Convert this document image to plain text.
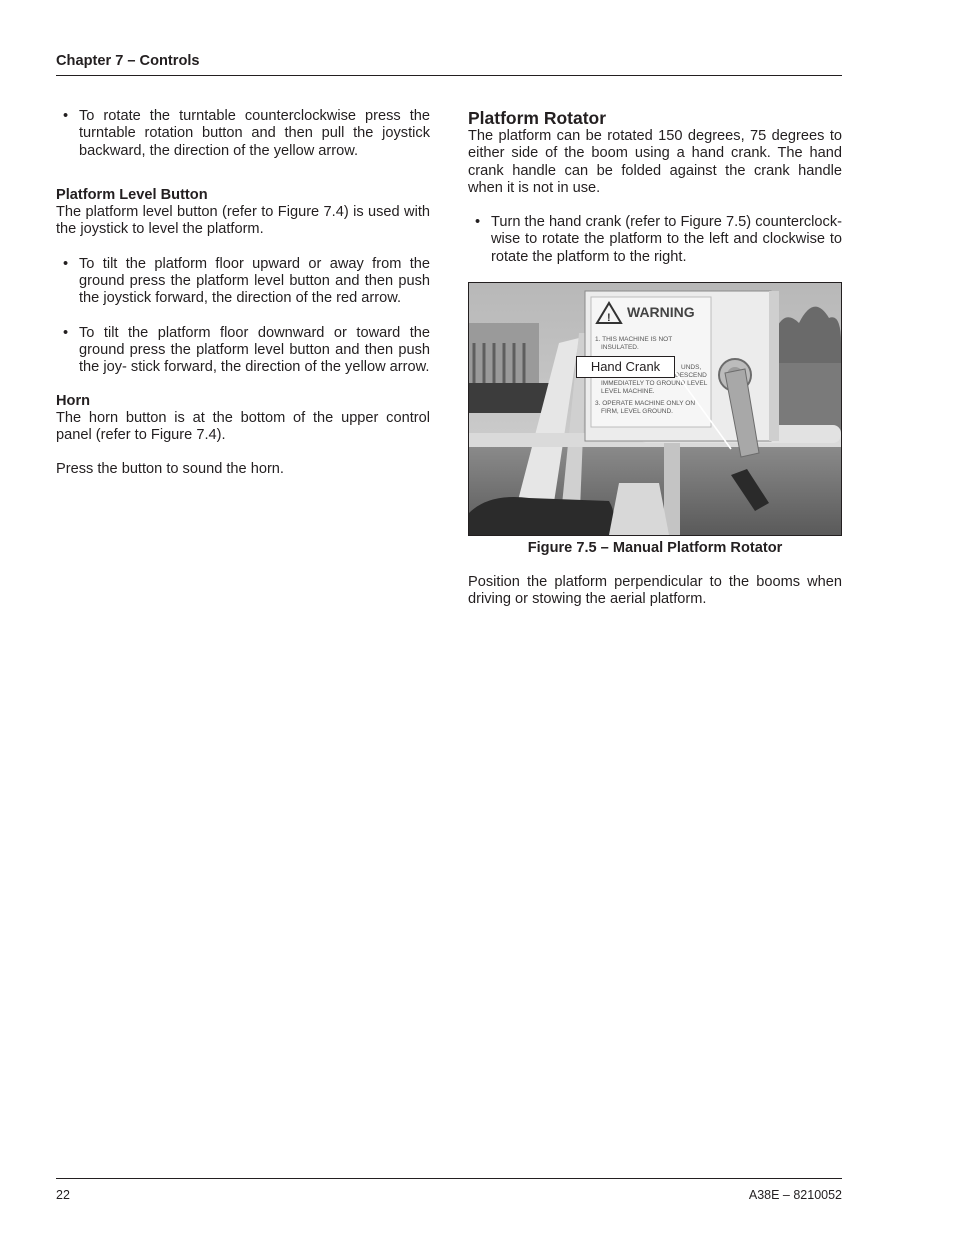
Chapter 7 – Controls
• To rotate the turntable counterclockwise press the turntable rotation button and then pull the joystick backward, the direction of the yellow arrow.
Platform Level Button

The platform level button (refer to Figure 7.4) is used with the joystick to level the platform.

• To tilt the platform floor upward or away from the ground press the platform level button and then push the joystick forward, the direction of the red arrow.
• To tilt the platform floor downward or toward the ground press the platform level button and then push the joy- stick forward, the direction of the yellow arrow.
Horn

The horn button is at the bottom of the upper control panel (refer to Figure 7.4).

Press the button to sound the horn.

Platform Rotator

The platform can be rotated 150 degrees, 75 degrees to either side of the boom using a hand crank. The hand crank handle can be folded against the crank handle when it is not in use.

• Turn the hand crank (refer to Figure 7.5) counterclock- wise to rotate the platform to the left and clockwise to rotate the platform to the right.
! WARNING
1. THIS MACHINE IS NOT
INSULATED.
UNDS,
DESCEND
IMMEDIATELY TO GROUND LEVEL
LEVEL MACHINE.
3. OPERATE MACHINE ONLY ON
FIRM, LEVEL GROUND.
Hand Crank
Figure 7.5 – Manual Platform Rotator

Position the platform perpendicular to the booms when driving or stowing the aerial platform.

22	A38E – 8210052
